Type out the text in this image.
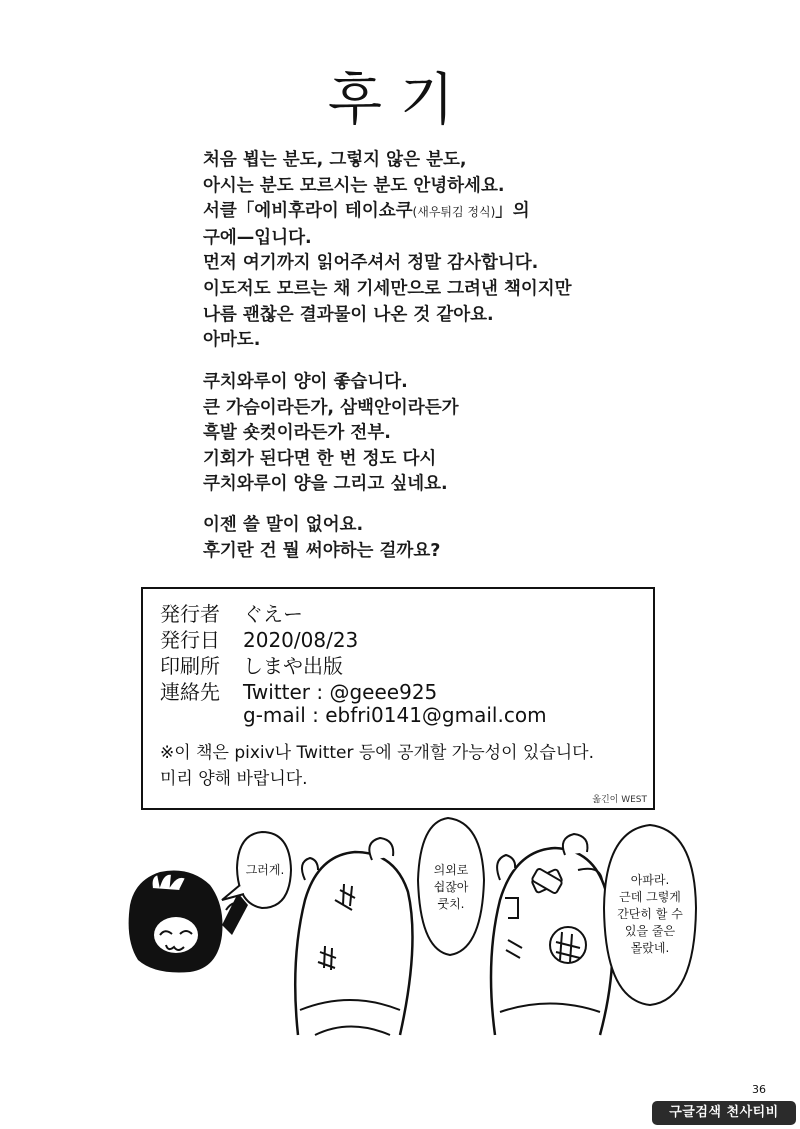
후기
처음 뵙는 분도, 그렇지 않은 분도,
아시는 분도 모르시는 분도 안녕하세요.
서클「에비후라이 테이쇼쿠(새우튀김 정식)」의
구에—입니다.
먼저 여기까지 읽어주셔서 정말 감사합니다.
이도저도 모르는 채 기세만으로 그려낸 책이지만
나름 괜찮은 결과물이 나온 것 같아요.
아마도.
쿠치와루이 양이 좋습니다.
큰 가슴이라든가, 삼백안이라든가
흑발 숏컷이라든가 전부.
기회가 된다면 한 번 정도 다시
쿠치와루이 양을 그리고 싶네요.
이젠 쓸 말이 없어요.
후기란 건 뭘 써야하는 걸까요?
発行者 ぐえー
発行日 2020/08/23
印刷所 しまや出版
連絡先 Twitter : @geee925
g-mail : ebfri0141@gmail.com
※이 책은 pixiv나 Twitter 등에 공개할 가능성이 있습니다.
미리 양해 바랍니다.
옮긴이 WEST
그러게.	의외로
쉽잖아
쿳치.
아파라.
근데 그렇게
간단히 할 수
있을 줄은
몰랐네.
36
구글검색 천사티비
